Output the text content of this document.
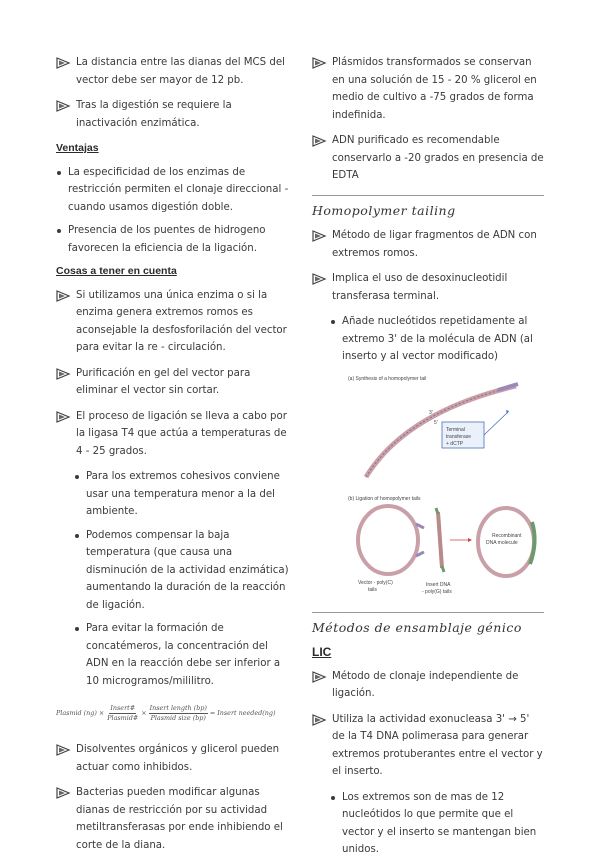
La distancia entre las dianas del MCS del vector debe ser mayor de 12 pb.
Tras la digestión se requiere la inactivación enzimática.
Ventajas
La especificidad de los enzimas de restricción permiten el clonaje direccional - cuando usamos digestión doble.
Presencia de los puentes de hidrogeno favorecen la eficiencia de la ligación.
Cosas a tener en cuenta
Si utilizamos una única enzima o si la enzima genera extremos romos es aconsejable la desfosforilación del vector para evitar la re - circulación.
Purificación en gel del vector para eliminar el vector sin cortar.
El proceso de ligación se lleva a cabo por la ligasa T4 que actúa a temperaturas de 4 - 25 grados.
Para los extremos cohesivos conviene usar una temperatura menor a la del ambiente.
Podemos compensar la baja temperatura (que causa una disminución de la actividad enzimática) aumentando la duración de la reacción de ligación.
Para evitar la formación de concatémeros, la concentración del ADN en la reacción debe ser inferior a 10 microgramos/mililitro.
Plasmid $(ng) \times \frac{\text{Insert\#}}{\text{Plasmid\#}} \times \frac{\text{Insert length (bp)}}{\text{Plasmid size (bp)}}$ = Insert needed(ng)
Disolventes orgánicos y glicerol pueden actuar como inhibidos.
Bacterias pueden modificar algunas dianas de restricción por su actividad metiltransferasas por ende inhibiendo el corte de la diana.
Plásmidos transformados se conservan en una solución de 15 - 20 % glicerol en medio de cultivo a -75 grados de forma indefinida.
ADN purificado es recomendable conservarlo a -20 grados en presencia de EDTA
Homopolymer tailing
Método de ligar fragmentos de ADN con extremos romos.
Implica el uso de desoxinucleotidil transferasa terminal.
Añade nucleótidos repetidamente al extremo 3' de la molécula de ADN (al inserto y al vector modificado)
(a) Synthesis of a homopolymer tail
3'
5'
Terminal
transferase
+ dCTP
(b) Ligation of homopolymer tails
Recombinant
DNA molecule
Vector - poly(C)
tails
Insert DNA
- poly(G) tails
Métodos de ensamblaje génico
LIC
Método de clonaje independiente de ligación.
Utiliza la actividad exonucleasa 3' → 5' de la T4 DNA polimerasa para generar extremos protuberantes entre el vector y el inserto.
Los extremos son de mas de 12 nucleótidos lo que permite que el vector y el inserto se mantengan bien unidos.
